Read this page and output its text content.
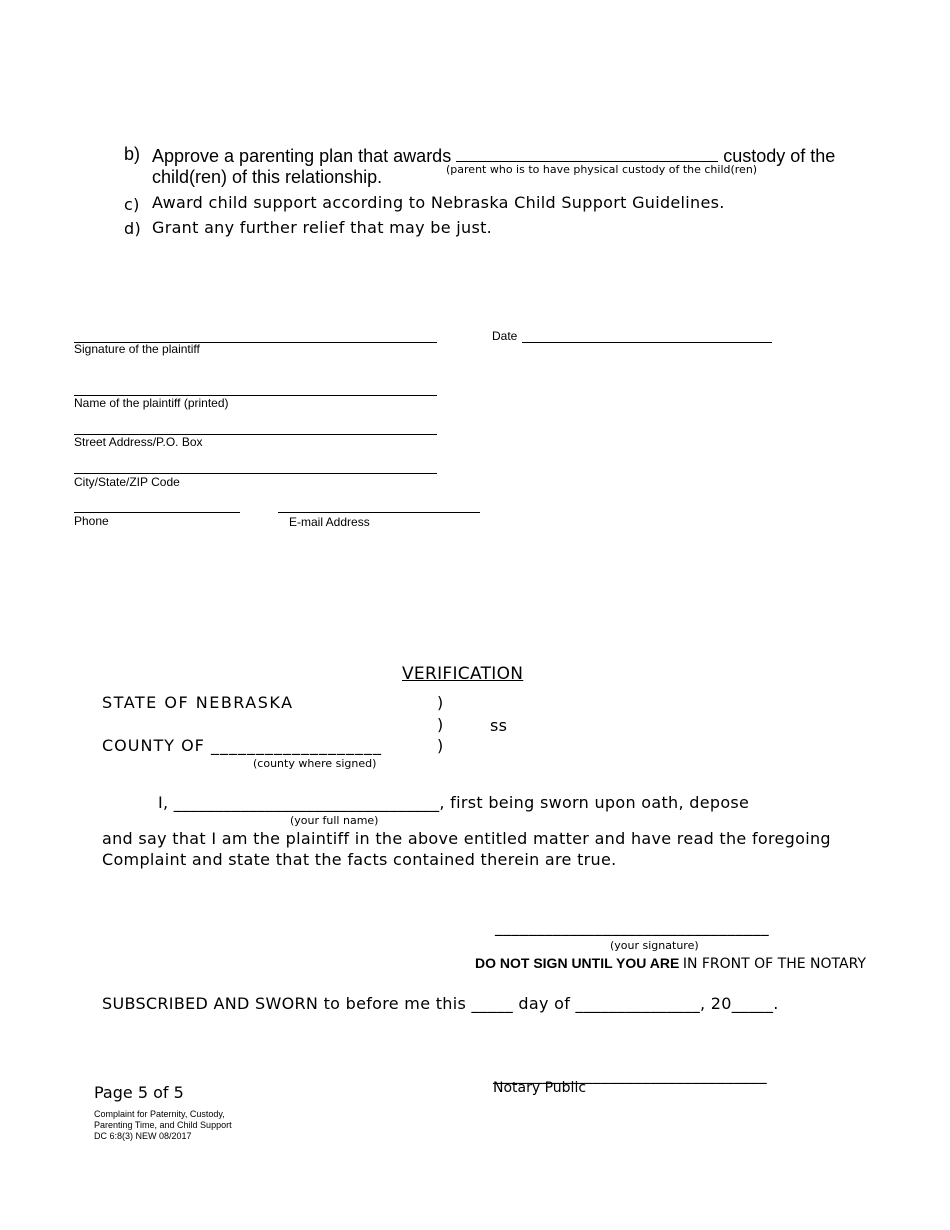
b) Approve a parenting plan that awards	custody of the
child(ren) of this relationship.	(parent who is to have physical custody of the child(ren)
c) Award child support according to Nebraska Child Support Guidelines.
d) Grant any further relief that may be just.
Signature of the plaintiff
Date
Name of the plaintiff (printed)
Street Address/P.O. Box
City/State/ZIP Code
Phone	E-mail Address
VERIFICATION
STATE OF NEBRASKA	)
)	ss
COUNTY OF ___________________	)
(county where signed)
I, ________________________________, first being sworn upon oath, depose
(your full name)
and say that I am the plaintiff in the above entitled matter and have read the foregoing
Complaint and state that the facts contained therein are true.
_________________________________
(your signature)
DO NOT SIGN UNTIL YOU ARE IN FRONT OF THE NOTARY
SUBSCRIBED AND SWORN to before me this _____ day of _______________, 20_____.
_________________________________
Notary Public
Page 5 of 5
Complaint for Paternity, Custody,
Parenting Time, and Child Support
DC 6:8(3) NEW 08/2017
